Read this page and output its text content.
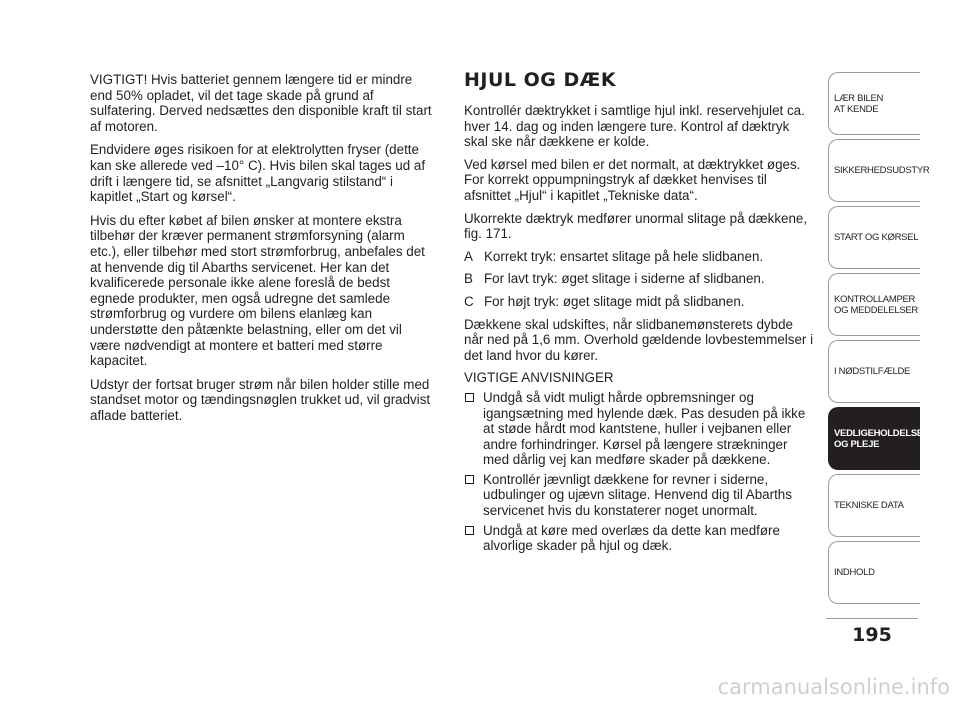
VIGTIGT! Hvis batteriet gennem længere tid er mindre end 50% opladet, vil det tage skade på grund af sulfatering. Derved nedsættes den disponible kraft til start af motoren.

Endvidere øges risikoen for at elektrolytten fryser (dette kan ske allerede ved –10° C). Hvis bilen skal tages ud af drift i længere tid, se afsnittet „Langvarig stilstand“ i kapitlet „Start og kørsel“.

Hvis du efter købet af bilen ønsker at montere ekstra tilbehør der kræver permanent strømforsyning (alarm etc.), eller tilbehør med stort strømforbrug, anbefales det at henvende dig til Abarths servicenet. Her kan det kvalificerede personale ikke alene foreslå de bedst egnede produkter, men også udregne det samlede strømforbrug og vurdere om bilens elanlæg kan understøtte den påtænkte belastning, eller om det vil være nødvendigt at montere et batteri med større kapacitet.

Udstyr der fortsat bruger strøm når bilen holder stille med standset motor og tændingsnøglen trukket ud, vil gradvist aflade batteriet.

HJUL OG DÆK

Kontrollér dæktrykket i samtlige hjul inkl. reservehjulet ca. hver 14. dag og inden længere ture. Kontrol af dæktryk skal ske når dækkene er kolde.

Ved kørsel med bilen er det normalt, at dæktrykket øges. For korrekt oppumpningstryk af dækket henvises til afsnittet „Hjul“ i kapitlet „Tekniske data“.

Ukorrekte dæktryk medfører unormal slitage på dækkene, fig. 171.

A Korrekt tryk: ensartet slitage på hele slidbanen.
B For lavt tryk: øget slitage i siderne af slidbanen.
C For højt tryk: øget slitage midt på slidbanen.

Dækkene skal udskiftes, når slidbanemønsterets dybde når ned på 1,6 mm. Overhold gældende lovbestemmelser i det land hvor du kører.

VIGTIGE ANVISNINGER
Undgå så vidt muligt hårde opbremsninger og igangsætning med hylende dæk. Pas desuden på ikke at støde hårdt mod kantstene, huller i vejbanen eller andre forhindringer. Kørsel på længere strækninger med dårlig vej kan medføre skader på dækkene.
Kontrollér jævnligt dækkene for revner i siderne, udbulinger og ujævn slitage. Henvend dig til Abarths servicenet hvis du konstaterer noget unormalt.
Undgå at køre med overlæs da dette kan medføre alvorlige skader på hjul og dæk.
LÆR BILEN
AT KENDE
SIKKERHEDSUDSTYR
START OG KØRSEL
KONTROLLAMPER
OG MEDDELELSER
I NØDSTILFÆLDE
VEDLIGEHOLDELSE
OG PLEJE
TEKNISKE DATA
INDHOLD
195
carmanualsonline.info
